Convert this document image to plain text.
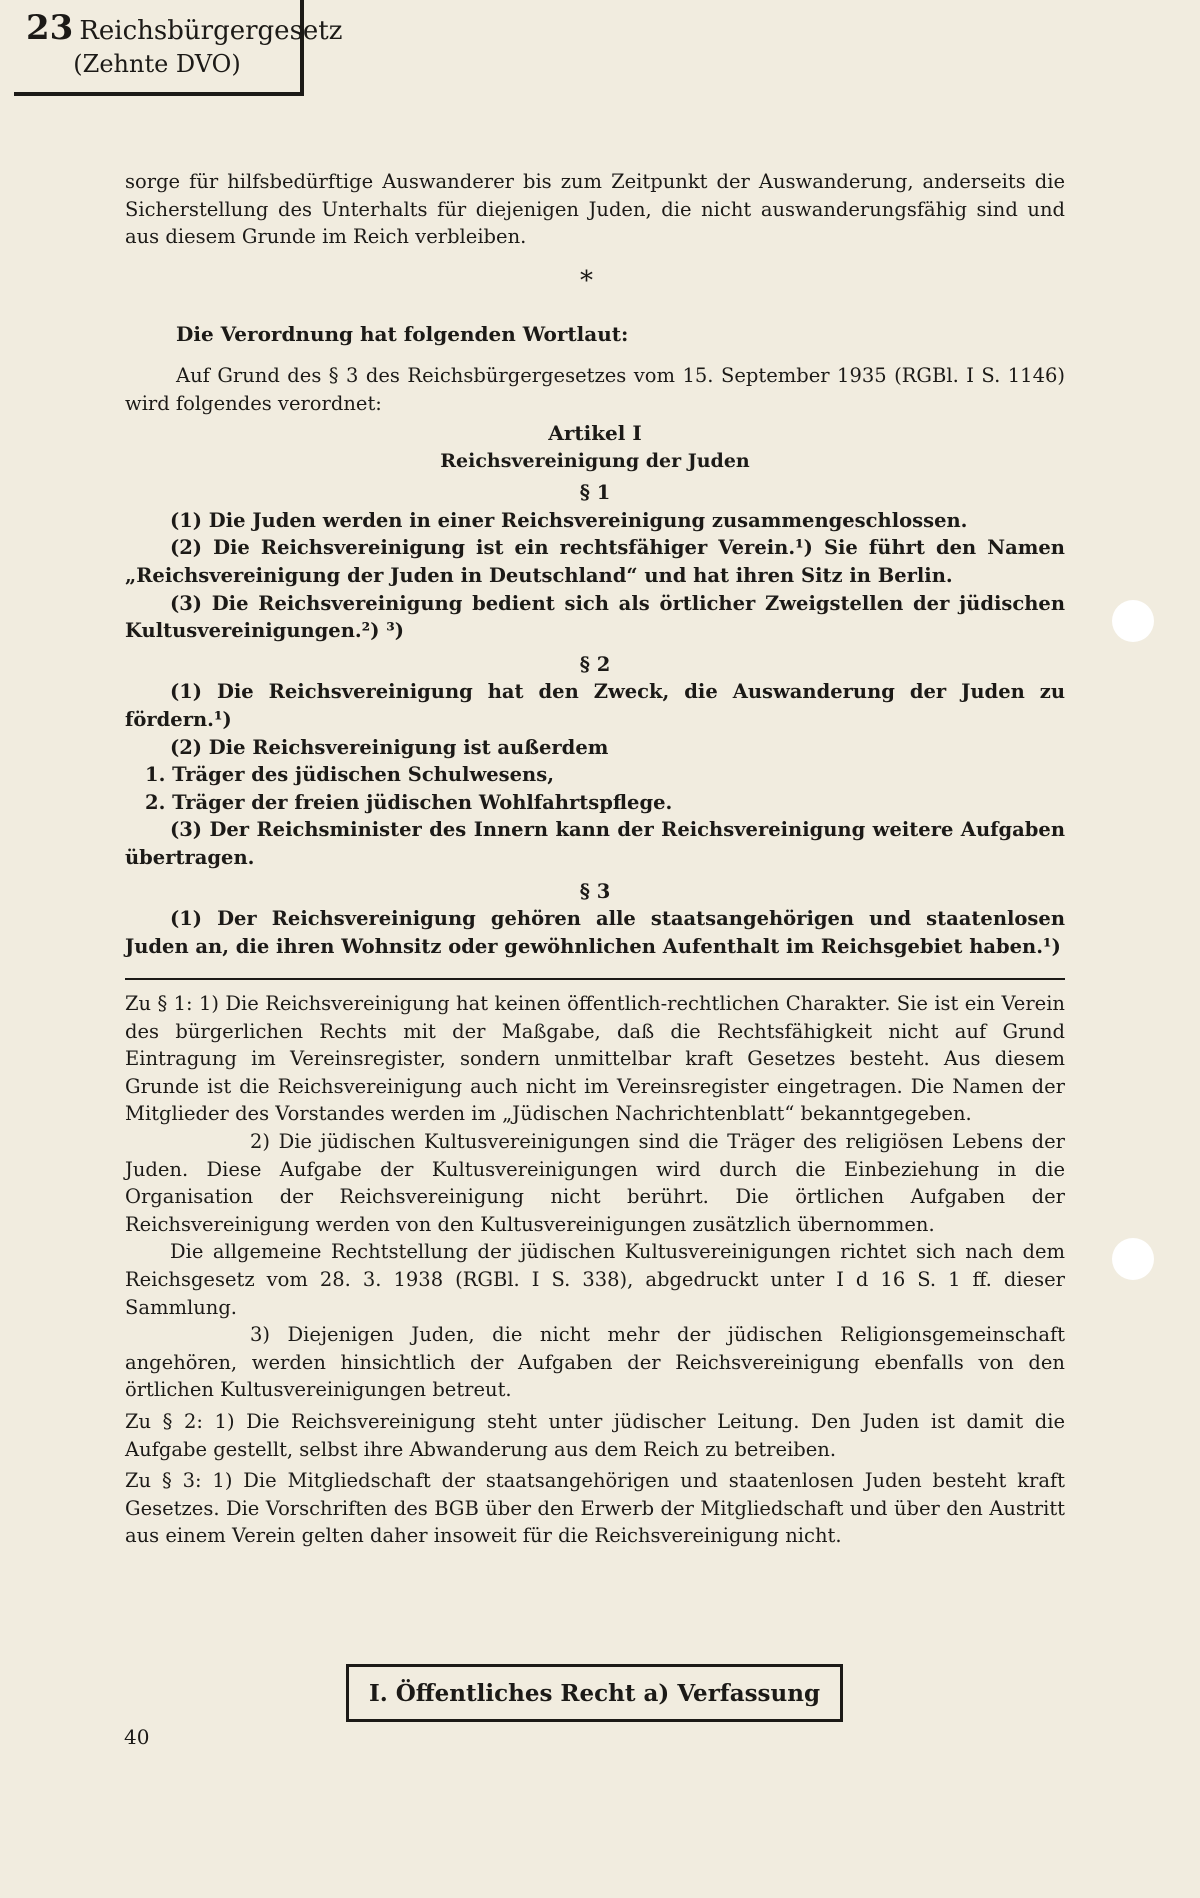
23 Reichsbürgergesetz
(Zehnte DVO)

sorge für hilfsbedürftige Auswanderer bis zum Zeitpunkt der Auswanderung, anderseits die Sicherstellung des Unterhalts für diejenigen Juden, die nicht auswanderungsfähig sind und aus diesem Grunde im Reich verbleiben.

*
Die Verordnung hat folgenden Wortlaut:

Auf Grund des § 3 des Reichsbürgergesetzes vom 15. September 1935 (RGBl. I S. 1146) wird folgendes verordnet:

Artikel I
Reichsvereinigung der Juden
§ 1

(1) Die Juden werden in einer Reichsvereinigung zusammengeschlossen.

(2) Die Reichsvereinigung ist ein rechtsfähiger Verein.¹) Sie führt den Namen „Reichsvereinigung der Juden in Deutschland“ und hat ihren Sitz in Berlin.

(3) Die Reichsvereinigung bedient sich als örtlicher Zweigstellen der jüdischen Kultusvereinigungen.²) ³)

§ 2

(1) Die Reichsvereinigung hat den Zweck, die Auswanderung der Juden zu fördern.¹)

(2) Die Reichsvereinigung ist außerdem

1. Träger des jüdischen Schulwesens,

2. Träger der freien jüdischen Wohlfahrtspflege.

(3) Der Reichsminister des Innern kann der Reichsvereinigung weitere Aufgaben übertragen.

§ 3

(1) Der Reichsvereinigung gehören alle staatsangehörigen und staatenlosen Juden an, die ihren Wohnsitz oder gewöhnlichen Aufenthalt im Reichsgebiet haben.¹)

Zu § 1: 1) Die Reichsvereinigung hat keinen öffentlich-rechtlichen Charakter. Sie ist ein Verein des bürgerlichen Rechts mit der Maßgabe, daß die Rechtsfähigkeit nicht auf Grund Eintragung im Vereinsregister, sondern unmittelbar kraft Gesetzes besteht. Aus diesem Grunde ist die Reichsvereinigung auch nicht im Vereinsregister eingetragen. Die Namen der Mitglieder des Vorstandes werden im „Jüdischen Nachrichtenblatt“ bekanntgegeben.

2) Die jüdischen Kultusvereinigungen sind die Träger des religiösen Lebens der Juden. Diese Aufgabe der Kultusvereinigungen wird durch die Einbeziehung in die Organisation der Reichsvereinigung nicht berührt. Die örtlichen Aufgaben der Reichsvereinigung werden von den Kultusvereinigungen zusätzlich übernommen.

Die allgemeine Rechtstellung der jüdischen Kultusvereinigungen richtet sich nach dem Reichsgesetz vom 28. 3. 1938 (RGBl. I S. 338), abgedruckt unter I d 16 S. 1 ff. dieser Sammlung.

3) Diejenigen Juden, die nicht mehr der jüdischen Religionsgemeinschaft angehören, werden hinsichtlich der Aufgaben der Reichsvereinigung ebenfalls von den örtlichen Kultusvereinigungen betreut.

Zu § 2: 1) Die Reichsvereinigung steht unter jüdischer Leitung. Den Juden ist damit die Aufgabe gestellt, selbst ihre Abwanderung aus dem Reich zu betreiben.

Zu § 3: 1) Die Mitgliedschaft der staatsangehörigen und staatenlosen Juden besteht kraft Gesetzes. Die Vorschriften des BGB über den Erwerb der Mitgliedschaft und über den Austritt aus einem Verein gelten daher insoweit für die Reichsvereinigung nicht.

I. Öffentliches Recht a) Verfassung
40
